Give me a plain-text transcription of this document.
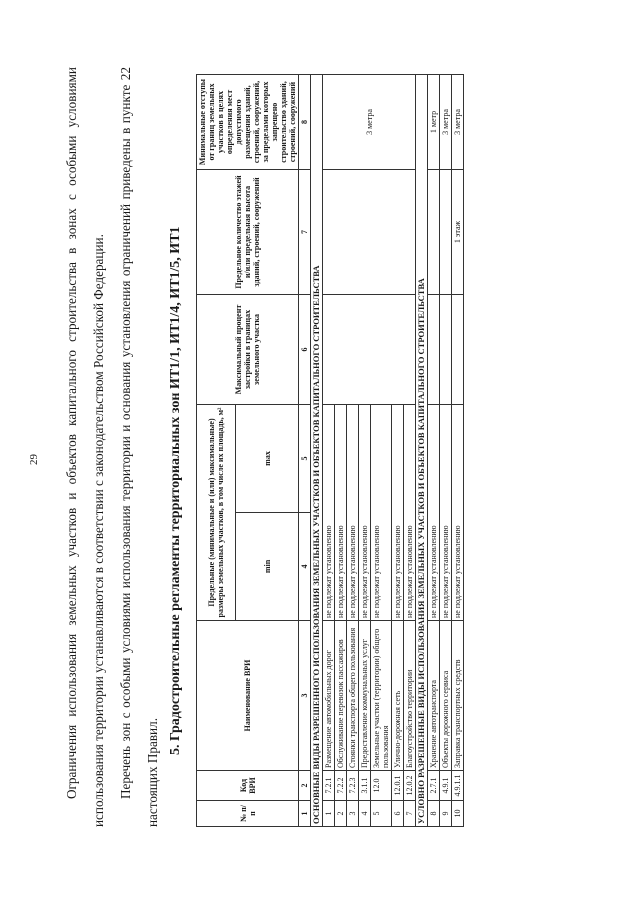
29	Ограничения использования земельных участков и объектов капитального строительства в зонах с особыми условиями использования территории устанавливаются в соответствии с законодательством Российской Федерации. Перечень зон с особыми условиями использования территории и основания установления ограничений приведены в пункте 22 настоящих Правил.

5. Градостроительные регламенты территориальных зон ИТ1/1, ИТ1/4, ИТ1/5, ИТ1
№ п/п	Код ВРИ	Наименование ВРИ	Предельные (минимальные и (или) максимальные) размеры земельных участков, в том числе их площадь, м²		Максимальный процент застройки в границах земельного участка	Предельное количество этажей и/или предельная высота зданий, строений, сооружений	Минимальные отступы от границ земельных участков в целях определения мест допустимого размещения зданий, строений, сооружений, за пределами которых запрещено строительство зданий, строений, сооружений
			min	max			
1	2	3	4	5	6	7	8
ОСНОВНЫЕ ВИДЫ РАЗРЕШЕННОГО ИСПОЛЬЗОВАНИЯ ЗЕМЕЛЬНЫХ УЧАСТКОВ И ОБЪЕКТОВ КАПИТАЛЬНОГО СТРОИТЕЛЬСТВА							
1	7.2.1	Размещение автомобильных дорог	не подлежат установлению				3 метра
2	7.2.2	Обслуживание перевозок пассажиров	не подлежат установлению				
3	7.2.3	Стоянки транспорта общего пользования	не подлежат установлению				
4	3.1.1	Предоставление коммунальных услуг	не подлежат установлению				
5	12.0	Земельные участки (территории) общего пользования	не подлежат установлению				
6	12.0.1	Улично-дорожная сеть	не подлежат установлению				
7	12.0.2	Благоустройство территории	не подлежат установлению				
УСЛОВНО РАЗРЕШЕННЫЕ ВИДЫ ИСПОЛЬЗОВАНИЯ ЗЕМЕЛЬНЫХ УЧАСТКОВ И ОБЪЕКТОВ КАПИТАЛЬНОГО СТРОИТЕЛЬСТВА							
8	2.7.1	Хранение автотранспорта	не подлежат установлению				1 метр
9	4.9.1	Объекты дорожного сервиса	не подлежат установлению				3 метра
10	4.9.1.1	Заправка транспортных средств	не подлежат установлению			1 этаж	3 метра
